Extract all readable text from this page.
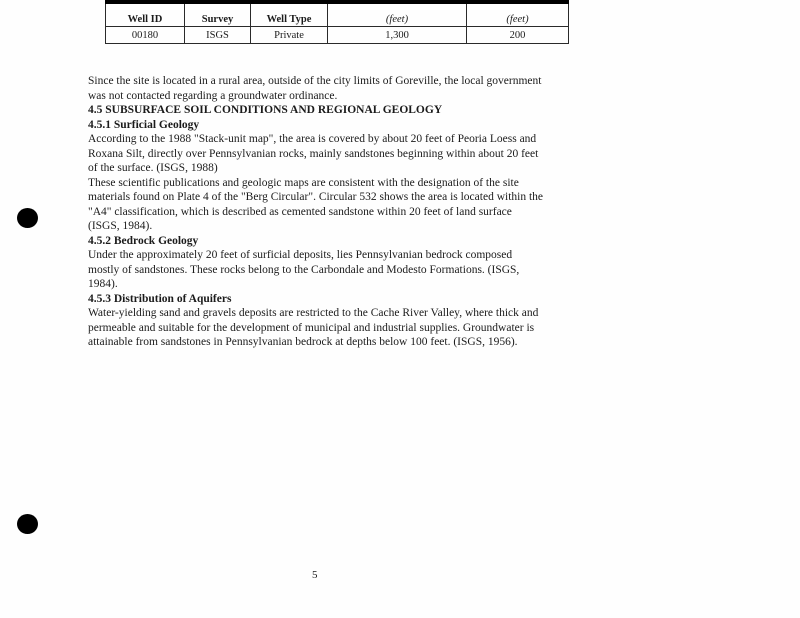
Well ID	Survey	Well Type	(feet)	(feet)

00180	ISGS	Private	1,300	200

Since the site is located in a rural area, outside of the city limits of Goreville, the local government was not contacted regarding a groundwater ordinance.

4.5 SUBSURFACE SOIL CONDITIONS AND REGIONAL GEOLOGY
4.5.1 Surficial Geology

According to the 1988 "Stack-unit map", the area is covered by about 20 feet of Peoria Loess and Roxana Silt, directly over Pennsylvanian rocks, mainly sandstones beginning within about 20 feet of the surface. (ISGS, 1988)

These scientific publications and geologic maps are consistent with the designation of the site materials found on Plate 4 of the "Berg Circular". Circular 532 shows the area is located within the "A4" classification, which is described as cemented sandstone within 20 feet of land surface (ISGS, 1984).

4.5.2 Bedrock Geology

Under the approximately 20 feet of surficial deposits, lies Pennsylvanian bedrock composed mostly of sandstones. These rocks belong to the Carbondale and Modesto Formations. (ISGS, 1984).

4.5.3 Distribution of Aquifers

Water-yielding sand and gravels deposits are restricted to the Cache River Valley, where thick and permeable and suitable for the development of municipal and industrial supplies. Groundwater is attainable from sandstones in Pennsylvanian bedrock at depths below 100 feet. (ISGS, 1956).

5
